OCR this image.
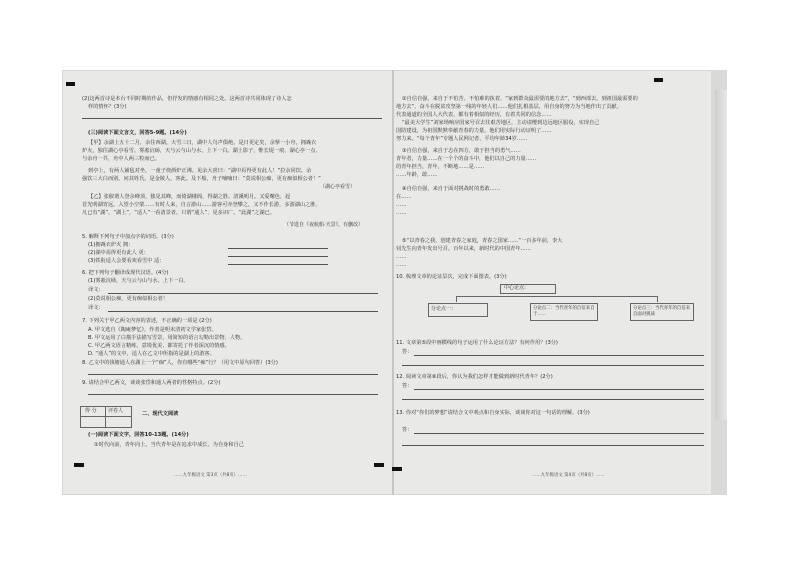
(2)这两首诗是本台不同时期的作品，但抒发的情感有相同之处。这两首诗共同体现了诗人怎
样的情怀？(3分)
(三)阅读下面文言文，回答5-9题。(14分)
【甲】余湖上五十二月，余住西湖。大雪三日，湖中人鸟声俱绝。是日更定矣，余拏一小舟，拥毳衣
炉火，独往湖心亭看雪。雾凇沆砀，天与云与山与水，上下一白。湖上影子，惟长堤一痕、湖心亭一点、
与余舟一芥，舟中人两三粒而已。
到亭上，有两人铺毡对坐，一童子烧酒炉正沸。见余大喜曰：“湖中焉得更有此人！”拉余同饮。余
强饮三大白而别。问其姓氏，是金陵人，客此。及下船，舟子喃喃曰：“莫说相公痴，更有痴似相公者！”
（湖心亭看雪）
【乙】张俶谓人登余峰顶，独见其峰，而倚湖楼阁，得湖之胜。清溪明月。又爱曙色，起
首光明湖宵远，入望小空蒙……有时人来，自言游山……游客可亦登攀之，又不作长游，多游湖山之胜。
凡已有“湖”，“湖上”，“适人”一看清景者。只谓“通人”，见多识广。“此湖”之湖已。
（节选自《夜航船·天景》，有删改）
5. 解释下列句子中加点字的词语。(3分)
(1)拥毳衣炉火 拥：
(2)湖中焉得更有此人 更：
(3)铁衔适人会要看欢看雪中 适：
6. 把下列句子翻译成现代汉语。(4分)
(1)雾凇沆砀，天与云与山与水，上下一白。
译文：
(2)莫说相公痴，更有痴似相公者！
译文：
7. 下列关于甲乙两文内容的表述，不正确的一项是 (2分)
A. 甲文选自《陶庵梦忆》，作者是明末清初文学家张岱。
B. 甲文运用了白描手法描写雪景，用简短的语言勾勒出景物、人物。
C. 甲乙两文语言精练，意境优美，都寄托了作者深沉的情感。
D. “通人”的文中，适人在乙文中所指的是湖上的游客。
8. 乙文中的钱塘通人在湖上一个“痴”人，你有哪些“痴”行？（用文中原句回答）(3分)
9. 请结合甲乙两文，谈谈张岱和通人两者的性格特点。(2分)
得 分 评卷人	二、现代文阅读
(一)阅读下面文字，回答10-13题。(14分)
①时代向前，青年向上。当代青年是在追求中成长、为自身和自己
……九年级语文 第3页（共8页）……
②自信自强，来自于不怕苦、不怕难的执着。“家到群众最需要的地方去”，“到西部去，到祖国最需要的
地方去”，奋斗在脱贫攻坚第一线的年轻人们……他们扎根基层，用自身的努力为当地作出了贡献。
代表通道的全国人大代表，都有着相似的经历，有着共同的信念……
“最美大学生”刘家坳响应国家号召去往艰苦地区，主动请缨到边远地区服役，实现自己
国防建设，为祖国默默奉献青春的力量，他们用实际行动证明了……
努力来。“每个青年”专题人民网记者，平均年龄34岁……
③自信自强，来自于志在四方，敢于担当的勇气……
青年者，力量……在一个个的奋斗中，他们以自己的力量……
的青年担当，青年，不断地……是……
……年龄，敢……
④自信自强，来自于面对挑战时的勇敢……
在……
……
……
⑤“以青春之我，创建青春之家庭，青春之国家……”一百多年前，李大
钊先生向青年发出号召。百年以来，新时代的中国青年……
……
……
10. 梳理文章的论证层次，完成下面图表。(3分)
中心论点：
分论点一：	分论点二：当代青年的自信来自于……
分论点三：当代青年的自信来自面对挑战
11. 文章第⑤段中画横线的句子运用了什么论证方法？有何作用？(3分)
答：
12. 阅读文章第⑥段后，你认为我们怎样才能做到新时代青年？(2分)
答：
13. 你对“你们的梦想”请结合文中观点和自身实际，谈谈你对这一句话的理解。(3分)
答：
……九年级语文 第4页（共8页）……
